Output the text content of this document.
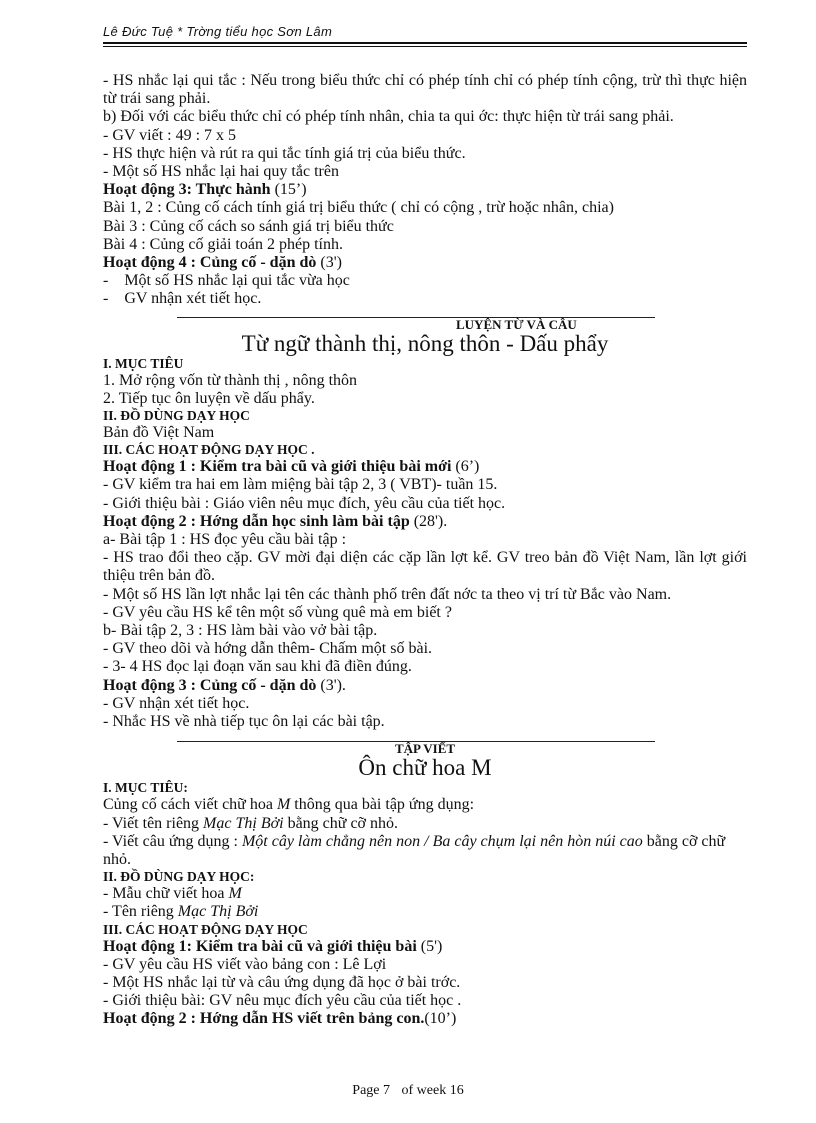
Lê Đức Tuệ * Trờng tiểu học Sơn Lâm

- HS nhắc lại qui tắc : Nếu trong biểu thức chỉ có phép tính chỉ có phép tính cộng, trừ thì thực hiện từ trái sang phải.

b) Đối với các biểu thức chỉ có phép tính nhân, chia ta qui ớc: thực hiện từ trái sang phải.

- GV viết : 49 : 7 x 5

- HS thực hiện và rút ra qui tắc tính giá trị của biểu thức.

- Một số HS nhắc lại hai quy tắc trên

Hoạt động 3: Thực hành (15’)

Bài 1, 2 : Củng cố cách tính giá trị biểu thức ( chỉ có cộng , trừ hoặc nhân, chia)

Bài 3 : Củng cố cách so sánh giá trị biểu thức

Bài 4 : Củng cố giải toán 2 phép tính.

Hoạt động 4 : Củng cố - dặn dò (3')

-    Một số HS nhắc lại qui tắc vừa học

-    GV nhận xét tiết học.

LUYỆN TỪ VÀ CÂU

Từ ngữ thành thị, nông thôn - Dấu phẩy

I. MỤC TIÊU

1. Mở rộng vốn từ thành thị , nông thôn

2. Tiếp tục ôn luyện về dấu phẩy.

II. ĐỒ DÙNG DẠY HỌC

Bản đồ Việt Nam

III. CÁC HOẠT ĐỘNG DẠY HỌC .

Hoạt động 1 : Kiểm tra bài cũ và giới thiệu bài mới (6’)

- GV kiểm tra hai em làm miệng bài tập 2, 3 ( VBT)- tuần 15.

- Giới thiệu bài : Giáo viên nêu mục đích, yêu cầu của tiết học.

Hoạt động 2 : Hớng dẫn học sinh làm bài tập (28').

a- Bài tập 1 : HS đọc yêu cầu bài tập :

- HS trao đổi theo cặp. GV mời đại diện các cặp lần lợt kể. GV treo bản đồ Việt Nam, lần lợt giới thiệu trên bản đồ.

- Một số HS lần lợt nhắc lại tên các thành phố trên đất nớc ta theo vị trí từ Bắc vào Nam.

- GV yêu cầu HS kể tên một số vùng quê mà em biết ?

b- Bài tập 2, 3 : HS làm bài vào vở bài tập.

- GV theo dõi và hớng dẫn thêm- Chấm một số bài.

- 3- 4 HS đọc lại đoạn văn sau khi đã điền đúng.

Hoạt động 3 : Củng cố - dặn dò (3').

- GV nhận xét tiết học.

- Nhắc HS về nhà tiếp tục ôn lại các bài tập.

TẬP VIẾT

Ôn chữ hoa M

I. MỤC TIÊU:

Củng cố cách viết chữ hoa M thông qua bài tập ứng dụng:

- Viết tên riêng Mạc Thị Bởi bằng chữ cỡ nhỏ.

- Viết câu ứng dụng : Một cây làm chẳng nên non / Ba cây chụm lại nên hòn núi cao bằng cỡ chữ nhỏ.

II. ĐỒ DÙNG DẠY HỌC:

- Mẫu chữ viết hoa M

- Tên riêng Mạc Thị Bởi

III. CÁC HOẠT ĐỘNG DẠY HỌC

Hoạt động 1: Kiểm tra bài cũ và giới thiệu bài (5')

- GV yêu cầu HS viết vào bảng con : Lê Lợi

- Một HS nhắc lại từ và câu ứng dụng đã học ở bài trớc.

- Giới thiệu bài: GV nêu mục đích yêu cầu của tiết học .

Hoạt động 2 : Hớng dẫn HS viết trên bảng con.(10’)

Page 7 of week 16
